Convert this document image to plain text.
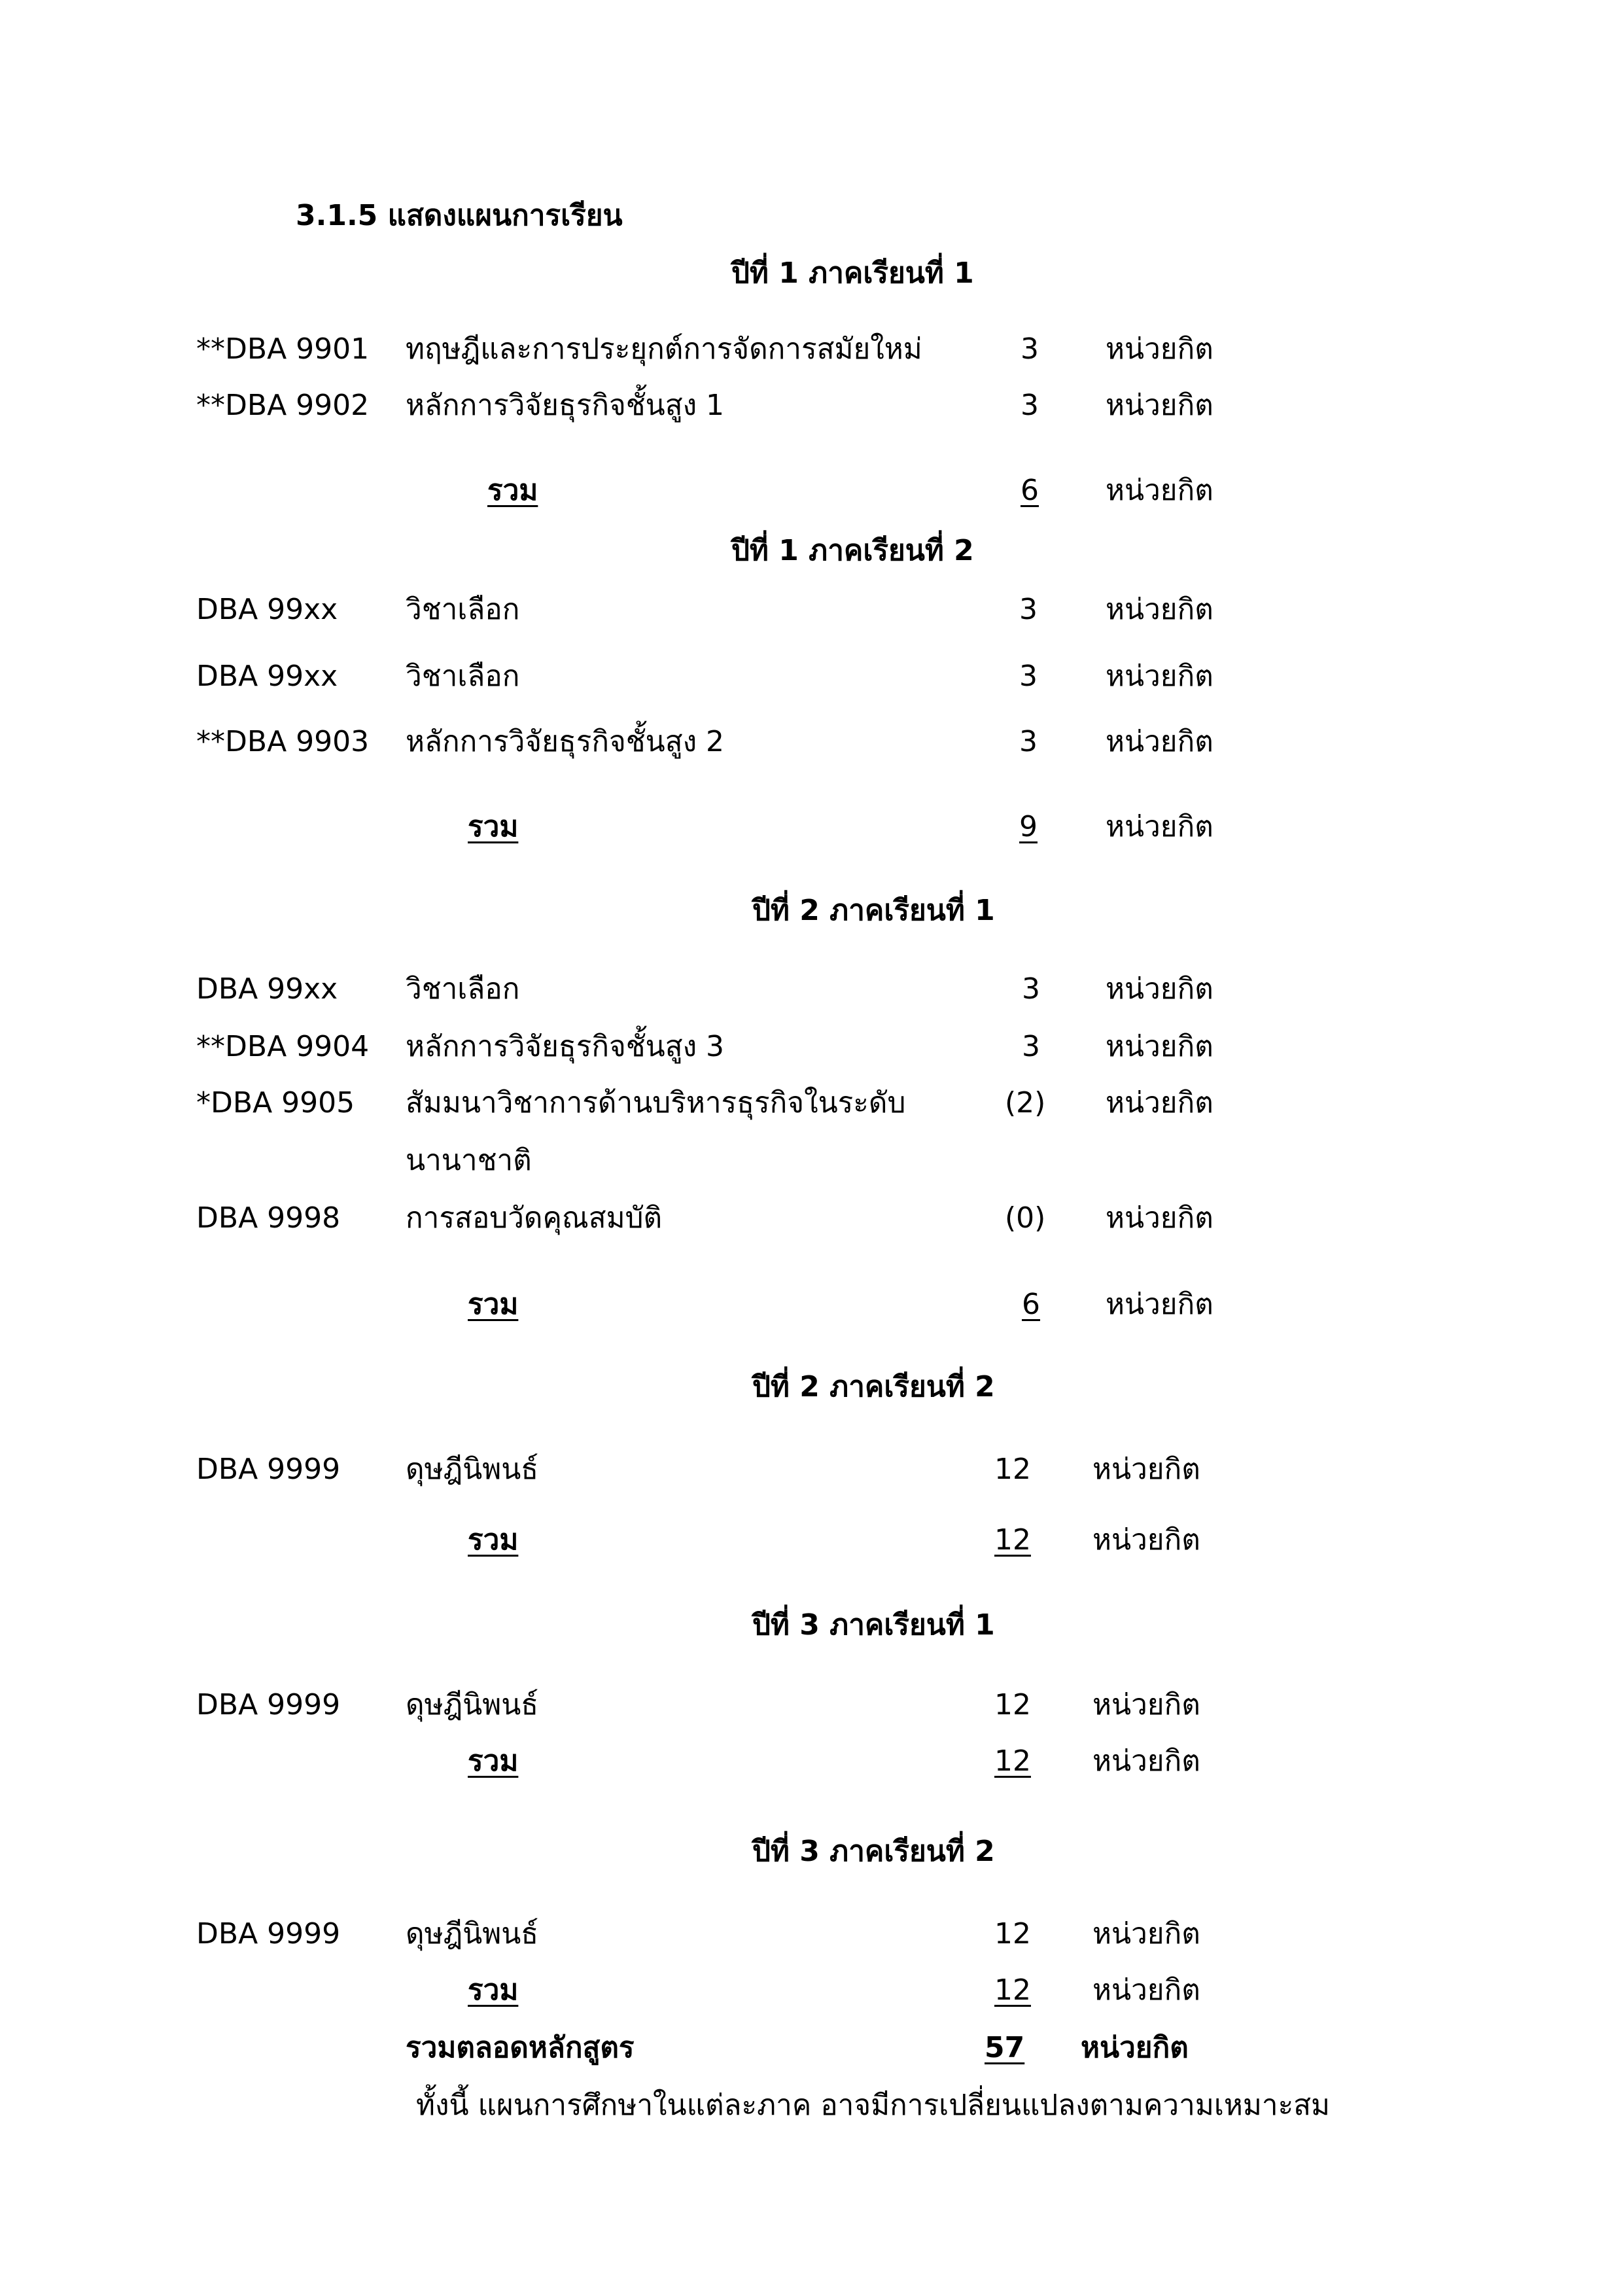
3.1.5 แสดงแผนการเรียน
ปีที่ 1 ภาคเรียนที่ 1
**DBA 9901 ทฤษฎีและการประยุกต์การจัดการสมัยใหม่	3 หน่วยกิต
**DBA 9902 หลักการวิจัยธุรกิจชั้นสูง 1	3 หน่วยกิต
รวม	6 หน่วยกิต
ปีที่ 1 ภาคเรียนที่ 2
DBA 99xx วิชาเลือก	3 หน่วยกิต
DBA 99xx วิชาเลือก	3 หน่วยกิต
**DBA 9903 หลักการวิจัยธุรกิจชั้นสูง 2	3 หน่วยกิต
รวม	9 หน่วยกิต
ปีที่ 2 ภาคเรียนที่ 1
DBA 99xx วิชาเลือก	3 หน่วยกิต
**DBA 9904 หลักการวิจัยธุรกิจชั้นสูง 3	3 หน่วยกิต
*DBA 9905 สัมมนาวิชาการด้านบริหารธุรกิจในระดับ	(2) หน่วยกิต
นานาชาติ
DBA 9998 การสอบวัดคุณสมบัติ	(0) หน่วยกิต
รวม	6 หน่วยกิต
ปีที่ 2 ภาคเรียนที่ 2
DBA 9999 ดุษฎีนิพนธ์	12 หน่วยกิต
รวม	12 หน่วยกิต
ปีที่ 3 ภาคเรียนที่ 1
DBA 9999 ดุษฎีนิพนธ์	12 หน่วยกิต
รวม	12 หน่วยกิต
ปีที่ 3 ภาคเรียนที่ 2
DBA 9999 ดุษฎีนิพนธ์	12 หน่วยกิต
รวม	12 หน่วยกิต
รวมตลอดหลักสูตร	57 หน่วยกิต
ทั้งนี้ แผนการศึกษาในแต่ละภาค อาจมีการเปลี่ยนแปลงตามความเหมาะสม
